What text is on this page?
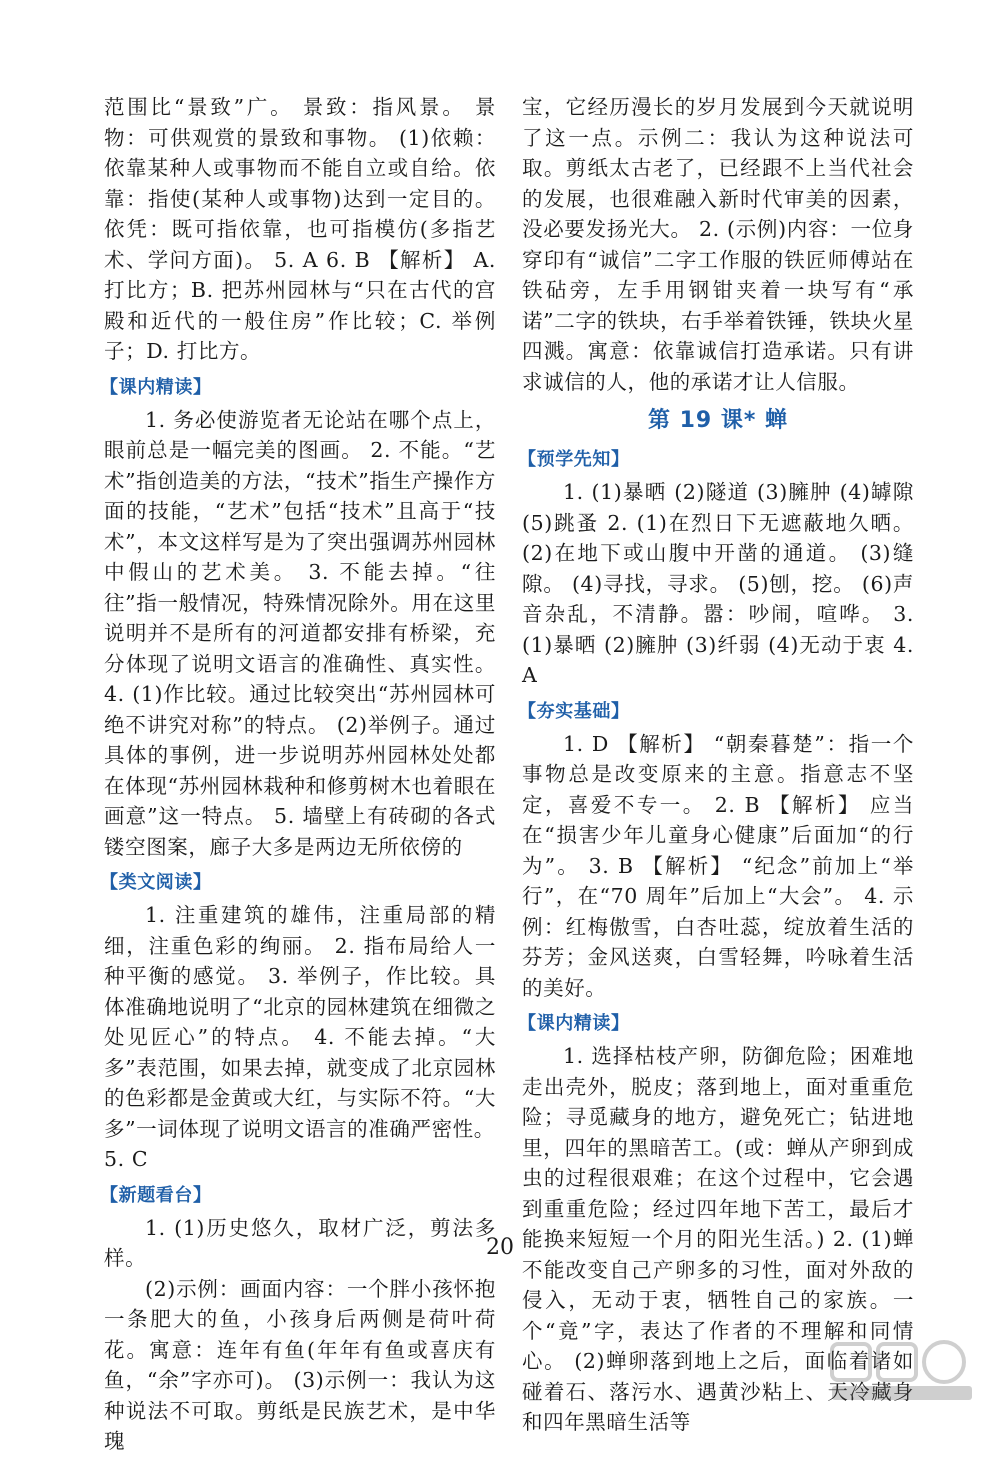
范围比“景致”广。 景致：指风景。 景物：可供观赏的景致和事物。 (1)依赖：依靠某种人或事物而不能自立或自给。依靠：指使(某种人或事物)达到一定目的。 依凭：既可指依靠，也可指模仿(多指艺术、学问方面)。 5. A 6. B 【解析】 A. 打比方；B. 把苏州园林与“只在古代的宫殿和近代的一般住房”作比较；C. 举例子；D. 打比方。

【课内精读】

1. 务必使游览者无论站在哪个点上，眼前总是一幅完美的图画。 2. 不能。“艺术”指创造美的方法，“技术”指生产操作方面的技能，“艺术”包括“技术”且高于“技术”，本文这样写是为了突出强调苏州园林中假山的艺术美。 3. 不能去掉。“往往”指一般情况，特殊情况除外。用在这里说明并不是所有的河道都安排有桥梁，充分体现了说明文语言的准确性、真实性。 4. (1)作比较。通过比较突出“苏州园林可绝不讲究对称”的特点。 (2)举例子。通过具体的事例，进一步说明苏州园林处处都在体现“苏州园林栽种和修剪树木也着眼在画意”这一特点。 5. 墙壁上有砖砌的各式镂空图案，廊子大多是两边无所依傍的

【类文阅读】

1. 注重建筑的雄伟，注重局部的精细，注重色彩的绚丽。 2. 指布局给人一种平衡的感觉。 3. 举例子，作比较。具体准确地说明了“北京的园林建筑在细微之处见匠心”的特点。 4. 不能去掉。“大多”表范围，如果去掉，就变成了北京园林的色彩都是金黄或大红，与实际不符。“大多”一词体现了说明文语言的准确严密性。

5. C

【新题看台】

1. (1)历史悠久，取材广泛，剪法多样。

(2)示例：画面内容：一个胖小孩怀抱一条肥大的鱼，小孩身后两侧是荷叶荷花。寓意：连年有鱼(年年有鱼或喜庆有鱼，“余”字亦可)。 (3)示例一：我认为这种说法不可取。剪纸是民族艺术，是中华瑰

宝，它经历漫长的岁月发展到今天就说明了这一点。示例二：我认为这种说法可取。剪纸太古老了，已经跟不上当代社会的发展，也很难融入新时代审美的因素，没必要发扬光大。 2. (示例)内容：一位身穿印有“诚信”二字工作服的铁匠师傅站在铁砧旁，左手用钢钳夹着一块写有“承诺”二字的铁块，右手举着铁锤，铁块火星四溅。寓意：依靠诚信打造承诺。只有讲求诚信的人，他的承诺才让人信服。

第 19 课* 蝉
【预学先知】

1. (1)暴晒 (2)隧道 (3)臃肿 (4)罅隙 (5)跳蚤 2. (1)在烈日下无遮蔽地久晒。 (2)在地下或山腹中开凿的通道。 (3)缝隙。 (4)寻找，寻求。 (5)刨，挖。 (6)声音杂乱，不清静。嚣：吵闹，喧哗。 3. (1)暴晒 (2)臃肿 (3)纤弱 (4)无动于衷 4. A

【夯实基础】

1. D 【解析】 “朝秦暮楚”：指一个事物总是改变原来的主意。指意志不坚定，喜爱不专一。 2. B 【解析】 应当在“损害少年儿童身心健康”后面加“的行为”。 3. B 【解析】 “纪念”前加上“举行”，在“70 周年”后加上“大会”。 4. 示例：红梅傲雪，白杏吐蕊，绽放着生活的芬芳；金风送爽，白雪轻舞，吟咏着生活的美好。

【课内精读】

1. 选择枯枝产卵，防御危险；困难地走出壳外，脱皮；落到地上，面对重重危险；寻觅藏身的地方，避免死亡；钻进地里，四年的黑暗苦工。(或：蝉从产卵到成虫的过程很艰难；在这个过程中，它会遇到重重危险；经过四年地下苦工，最后才能换来短短一个月的阳光生活。) 2. (1)蝉不能改变自己产卵多的习性，面对外敌的侵入，无动于衷，牺牲自己的家族。一个“竟”字，表达了作者的不理解和同情心。 (2)蝉卵落到地上之后，面临着诸如碰着石、落污水、遇黄沙粘上、天冷藏身和四年黑暗生活等

20
